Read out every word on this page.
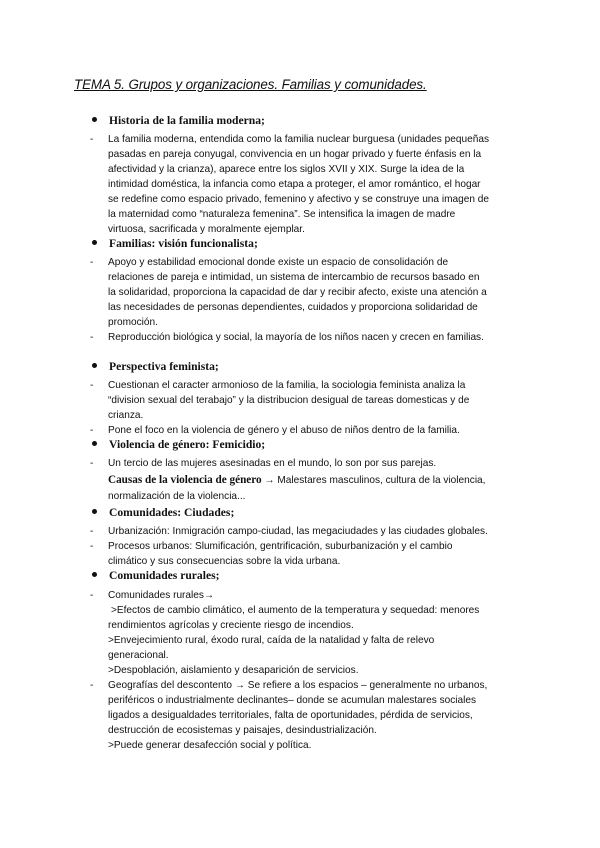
TEMA 5. Grupos y organizaciones. Familias y comunidades.
Historia de la familia moderna;
- La familia moderna, entendida como la familia nuclear burguesa (unidades pequeñas
pasadas en pareja conyugal, convivencia en un hogar privado y fuerte énfasis en la
afectividad y la crianza), aparece entre los siglos XVII y XIX. Surge la idea de la
intimidad doméstica, la infancia como etapa a proteger, el amor romántico, el hogar
se redefine como espacio privado, femenino y afectivo y se construye una imagen de
la maternidad como “naturaleza femenina”. Se intensifica la imagen de madre
virtuosa, sacrificada y moralmente ejemplar.
Familias: visión funcionalista;
- Apoyo y estabilidad emocional donde existe un espacio de consolidación de
relaciones de pareja e intimidad, un sistema de intercambio de recursos basado en
la solidaridad, proporciona la capacidad de dar y recibir afecto, existe una atención a
las necesidades de personas dependientes, cuidados y proporciona solidaridad de
promoción.
- Reproducción biológica y social, la mayoría de los niños nacen y crecen en familias.
Perspectiva feminista;
- Cuestionan el caracter armonioso de la familia, la sociologia feminista analiza la
“division sexual del terabajo” y la distribucion desigual de tareas domesticas y de
crianza.
- Pone el foco en la violencia de género y el abuso de niños dentro de la familia.
Violencia de género: Femicidio;
- Un tercio de las mujeres asesinadas en el mundo, lo son por sus parejas.
Causas de la violencia de género → Malestares masculinos, cultura de la violencia,
normalización de la violencia...
Comunidades: Ciudades;
- Urbanización: Inmigración campo-ciudad, las megaciudades y las ciudades globales.
- Procesos urbanos: Slumificación, gentrificación, suburbanización y el cambio
climático y sus consecuencias sobre la vida urbana.
Comunidades rurales;
- Comunidades rurales→
>Efectos de cambio climático, el aumento de la temperatura y sequedad: menores
rendimientos agrícolas y creciente riesgo de incendios.
>Envejecimiento rural, éxodo rural, caída de la natalidad y falta de relevo
generacional.
>Despoblación, aislamiento y desaparición de servicios.
- Geografías del descontento → Se refiere a los espacios – generalmente no urbanos,
periféricos o industrialmente declinantes– donde se acumulan malestares sociales
ligados a desigualdades territoriales, falta de oportunidades, pérdida de servicios,
destrucción de ecosistemas y paisajes, desindustrialización.
>Puede generar desafección social y política.
